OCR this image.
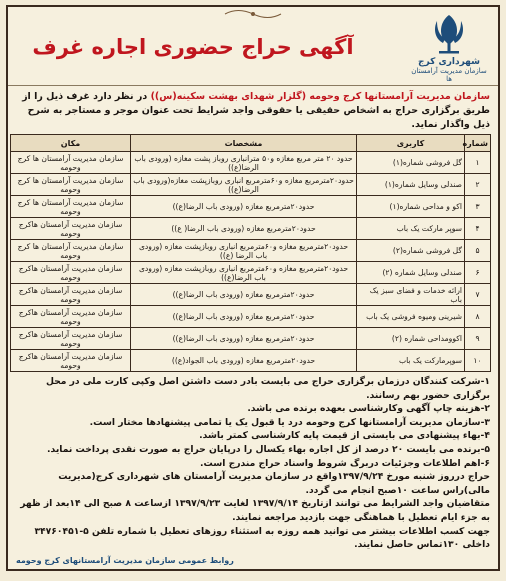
آگهی حراج حضوری اجاره غرف
شهرداری کرج
سازمان مدیریت آرامستان ها
سازمان مدیریت آرامستانها کرج وحومه (گلزار شهدای بهشت سکینه(س)) در نظر دارد غرف ذیل را از طریق برگزاری حراج به اشخاص حقیقی یا حقوقی واجد شرایط تحت عنوان موجر و مستاجر به شرح ذیل واگذار نماید.
شماره	کاربری	مشخصات	مکان
۱	گل فروشی شماره(۱)	حدود ۲۰ متر مربع مغازه و۵۰ مترانباری روباز پشت مغازه (ورودی باب الرضا(ع))	سازمان مدیریت آرامستان ها کرج وحومه
۲	صندلی وسایل شماره(۱)	حدود۲۰مترمربع مغازه و۶۰مترمربع انباری روبازپشت مغازه(ورودی باب الرضا(ع))	سازمان مدیریت آرامستان ها کرج وحومه
۳	اکو و مداحی شماره(۱)	حدود۲۰مترمربع مغازه (ورودی باب الرضا(ع))	سازمان مدیریت آرامستان ها کرج وحومه
۴	سوپر مارکت یک باب	حدود۲۰مترمربع مغازه (ورودی باب الرضا( ع))	سازمان مدیریت آرامستان هاکرج وحومه
۵	گل فروشی شماره(۲)	حدود۲۰مترمربع مغازه و۶۰مترمربع انباری روبازپشت مغازه (ورودی باب الرضا (ع))	سازمان مدیریت آرامستان ها کرج وحومه
۶	صندلی وسایل شماره (۲)	حدود۲۰مترمربع مغازه و۶۰مترمربع انباری روبازپشت مغازه (ورودی باب الرضا(ع))	سازمان مدیریت آرامستان هاکرج وحومه
۷	ارائه خدمات و فضای سبز یک باب	حدود۲۰مترمربع مغازه (ورودی باب الرضا(ع))	سازمان مدیریت آرامستان هاکرج وحومه
۸	شیرینی ومیوه فروشی یک باب	حدود۲۰مترمربع مغازه (ورودی باب الرضا(ع))	سازمان مدیریت آرامستان هاکرج وحومه
۹	اکوومداحی شماره (۲)	حدود۲۰مترمربع مغازه (ورودی باب الرضا(ع))	سازمان مدیریت آرامستان هاکرج وحومه
۱۰	سوپرمارکت یک باب	حدود۲۰مترمربع مغازه (ورودی باب الجواد(ع))	سازمان مدیریت آرامستان هاکرج وحومه

۱-شرکت کنندگان درزمان برگزاری حراج می بایست بادر دست داشتن اصل وکپی کارت ملی در محل برگزاری حضور بهم رسانند.

۲-هزینه چاپ آگهی وکارشناسی بعهده برنده می باشد.

۳-سازمان مدیریت آرامستانها کرج وحومه درد یا قبول یک یا تمامی پیشنهادها مختار است.

۴-بهاء پیشنهادی می بایستی از قیمت پایه کارشناسی کمتر باشد.

۵-برنده می بایست ۲۰ درصد از کل اجاره بهاء یکسال را درپایان حراج به صورت نقدی پرداخت نماید.

۶-اهم اطلاعات وجزئیات دربرگ شروط واسناد حراج مندرج است.

حراج درروز شنبه مورخ ۱۳۹۷/۹/۲۴واقع در سازمان مدیریت آرامستان های شهرداری کرج(مدیریت مالی)راس ساعت ۱۰صبح انجام می گردد.

متقاضیان واجد الشرایط می توانند ازتاریخ ۱۳۹۷/۹/۱۴ لغایت ۱۳۹۷/۹/۲۳ ازساعت ۸ صبح الی ۱۴بعد از ظهر به جزء ایام تعطیل با هماهنگی جهت بازدید مراجعه نمایند.

جهت کسب اطلاعات بیشتر می توانید همه روزه به استثناء روزهای تعطیل با شماره تلفن ۵-۳۴۷۶۰۴۵۱ داخلی ۱۳۰تماس حاصل نمایند.

روابط عمومی سازمان مدیریت آرامستانهای کرج وحومه
